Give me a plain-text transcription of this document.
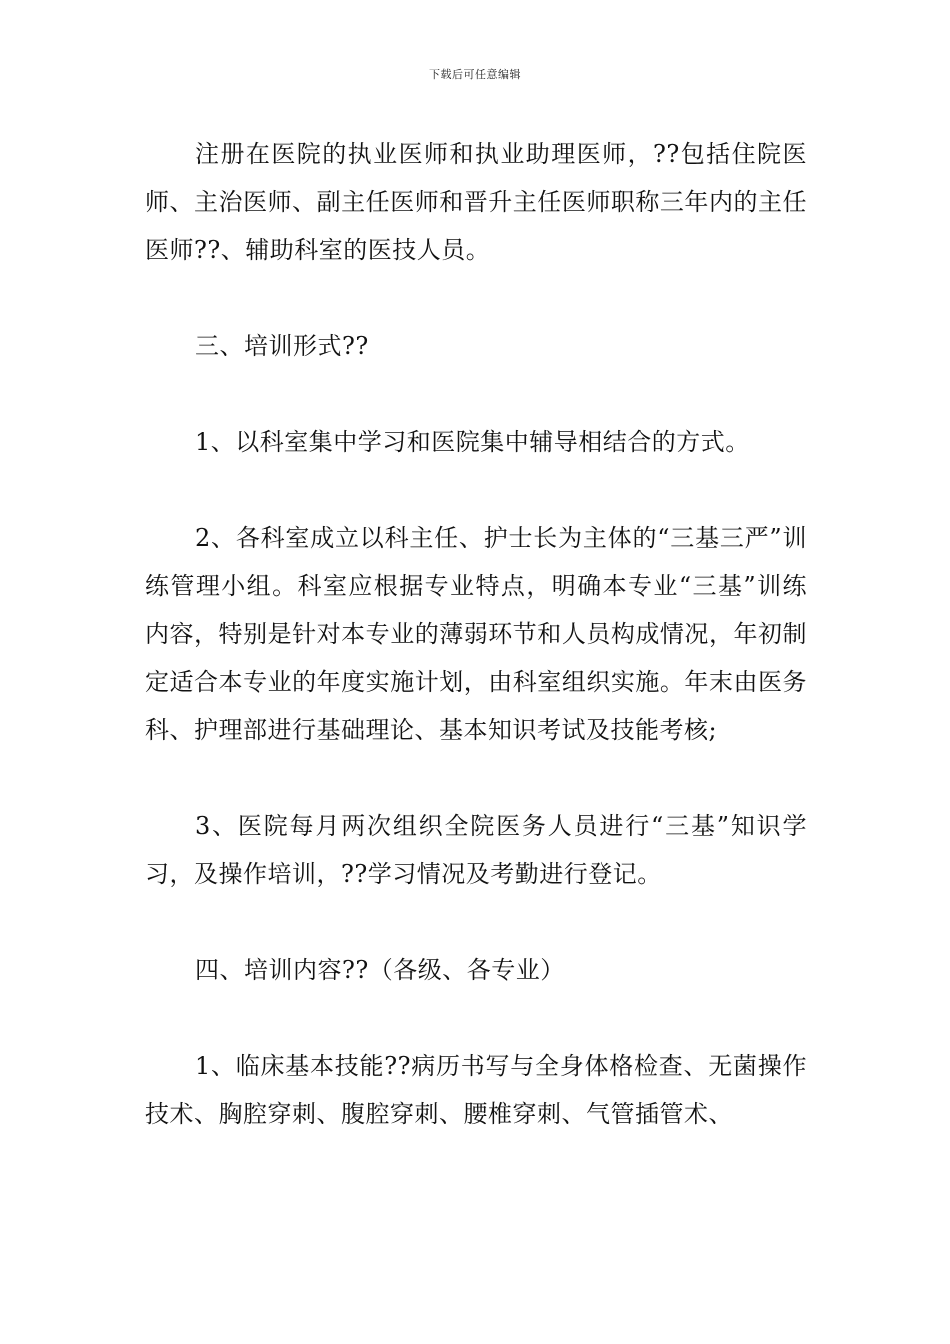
下载后可任意编辑

注册在医院的执业医师和执业助理医师，??包括住院医师、主治医师、副主任医师和晋升主任医师职称三年内的主任医师??、辅助科室的医技人员。

三、培训形式??

1、以科室集中学习和医院集中辅导相结合的方式。

2、各科室成立以科主任、护士长为主体的“三基三严”训练管理小组。科室应根据专业特点，明确本专业“三基”训练内容，特别是针对本专业的薄弱环节和人员构成情况，年初制定适合本专业的年度实施计划，由科室组织实施。年末由医务科、护理部进行基础理论、基本知识考试及技能考核;

3、医院每月两次组织全院医务人员进行“三基”知识学习，及操作培训，??学习情况及考勤进行登记。

四、培训内容??（各级、各专业）

1、临床基本技能??病历书写与全身体格检查、无菌操作技术、胸腔穿刺、腹腔穿刺、腰椎穿刺、气管插管术、
